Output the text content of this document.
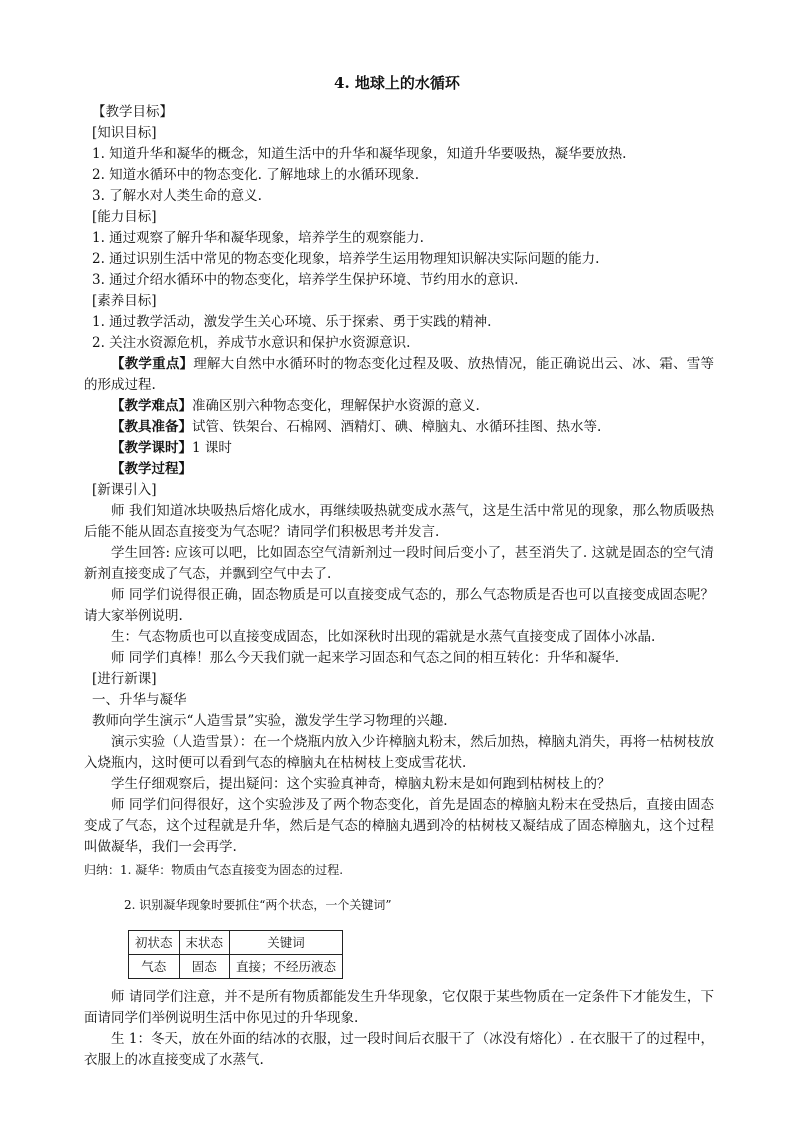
4. 地球上的水循环
【教学目标】
[知识目标]
1. 知道升华和凝华的概念，知道生活中的升华和凝华现象，知道升华要吸热，凝华要放热.
2. 知道水循环中的物态变化. 了解地球上的水循环现象.
3. 了解水对人类生命的意义.
[能力目标]
1. 通过观察了解升华和凝华现象，培养学生的观察能力.
2. 通过识别生活中常见的物态变化现象，培养学生运用物理知识解决实际问题的能力.
3. 通过介绍水循环中的物态变化，培养学生保护环境、节约用水的意识.
[素养目标]
1. 通过教学活动，激发学生关心环境、乐于探索、勇于实践的精神.
2. 关注水资源危机，养成节水意识和保护水资源意识.
【教学重点】理解大自然中水循环时的物态变化过程及吸、放热情况，能正确说出云、冰、霜、雪等的形成过程.
【教学难点】准确区别六种物态变化，理解保护水资源的意义.
【教具准备】试管、铁架台、石棉网、酒精灯、碘、樟脑丸、水循环挂图、热水等.
【教学课时】1 课时
【教学过程】
[新课引入]
师 我们知道冰块吸热后熔化成水，再继续吸热就变成水蒸气，这是生活中常见的现象，那么物质吸热后能不能从固态直接变为气态呢？请同学们积极思考并发言.
学生回答: 应该可以吧，比如固态空气清新剂过一段时间后变小了，甚至消失了. 这就是固态的空气清新剂直接变成了气态，并飘到空气中去了.
师 同学们说得很正确，固态物质是可以直接变成气态的，那么气态物质是否也可以直接变成固态呢？请大家举例说明.
生：气态物质也可以直接变成固态，比如深秋时出现的霜就是水蒸气直接变成了固体小冰晶.
师 同学们真棒！那么今天我们就一起来学习固态和气态之间的相互转化：升华和凝华.
[进行新课]
一、升华与凝华
教师向学生演示“人造雪景”实验，激发学生学习物理的兴趣.
演示实验（人造雪景）：在一个烧瓶内放入少许樟脑丸粉末，然后加热，樟脑丸消失，再将一枯树枝放入烧瓶内，这时便可以看到气态的樟脑丸在枯树枝上变成雪花状.
学生仔细观察后，提出疑问：这个实验真神奇，樟脑丸粉末是如何跑到枯树枝上的？
师 同学们问得很好，这个实验涉及了两个物态变化，首先是固态的樟脑丸粉末在受热后，直接由固态变成了气态，这个过程就是升华，然后是气态的樟脑丸遇到冷的枯树枝又凝结成了固态樟脑丸，这个过程叫做凝华，我们一会再学.
归纳：1. 凝华：物质由气态直接变为固态的过程.
2. 识别凝华现象时要抓住“两个状态，一个关键词”
初状态	末状态	关键词
气态	固态	直接；不经历液态
师 请同学们注意，并不是所有物质都能发生升华现象，它仅限于某些物质在一定条件下才能发生，下面请同学们举例说明生活中你见过的升华现象.
生 1：冬天，放在外面的结冰的衣服，过一段时间后衣服干了（冰没有熔化）. 在衣服干了的过程中，衣服上的冰直接变成了水蒸气.
